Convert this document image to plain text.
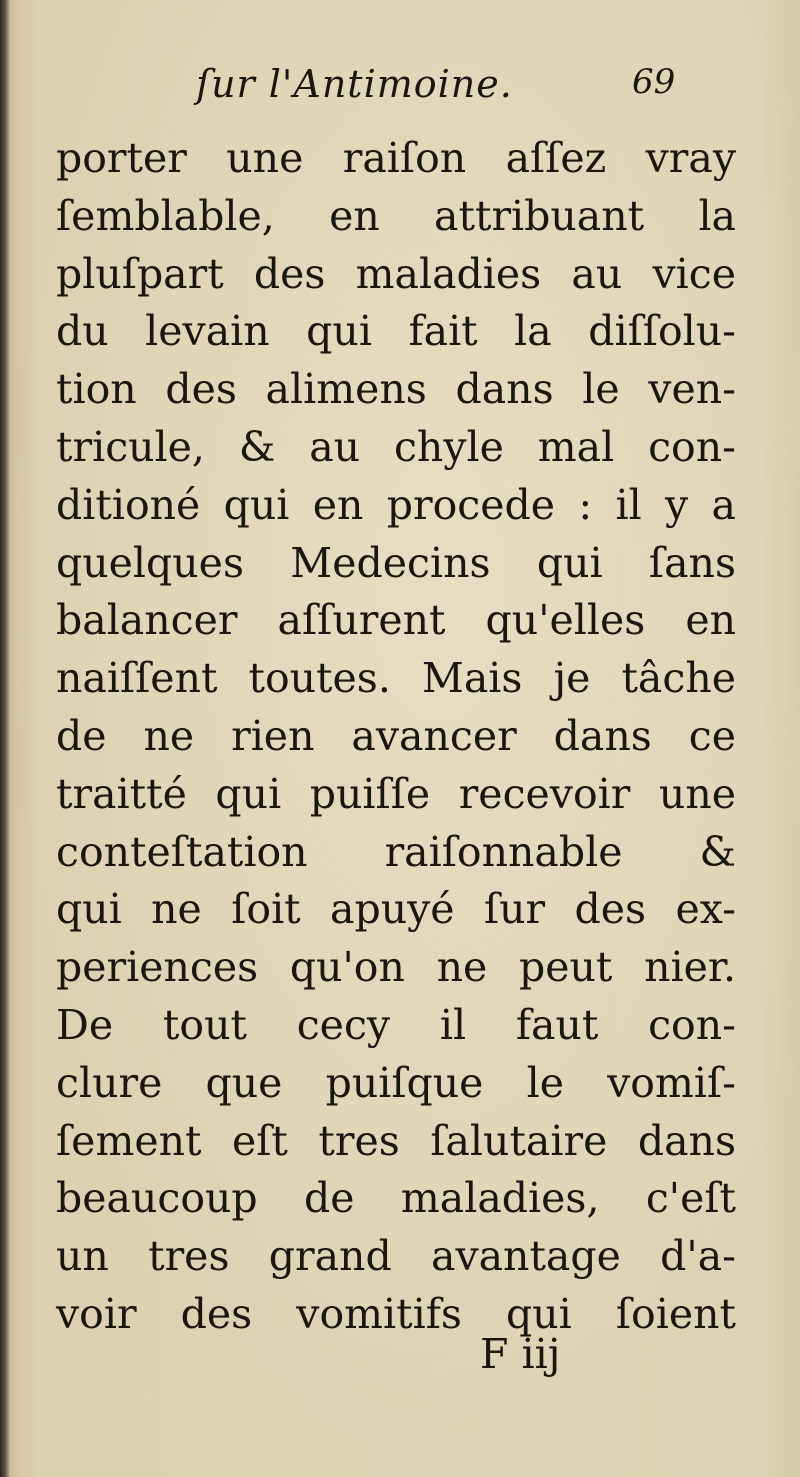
ſur l'Antimoine.	69
porter une raiſon aſſez vray
ſemblable, en attribuant la
pluſpart des maladies au vice
du levain qui fait la diſſolu-
tion des alimens dans le ven-
tricule, & au chyle mal con-
ditioné qui en procede : il y a
quelques Medecins qui ſans
balancer aſſurent qu'elles en
naiſſent toutes. Mais je tâche
de ne rien avancer dans ce
traitté qui puiſſe recevoir une
conteſtation raiſonnable &
qui ne ſoit apuyé ſur des ex-
periences qu'on ne peut nier.
De tout cecy il faut con-
clure que puiſque le vomiſ-
ſement eſt tres ſalutaire dans
beaucoup de maladies, c'eſt
un tres grand avantage d'a-
voir des vomitifs qui ſoient
F iij
